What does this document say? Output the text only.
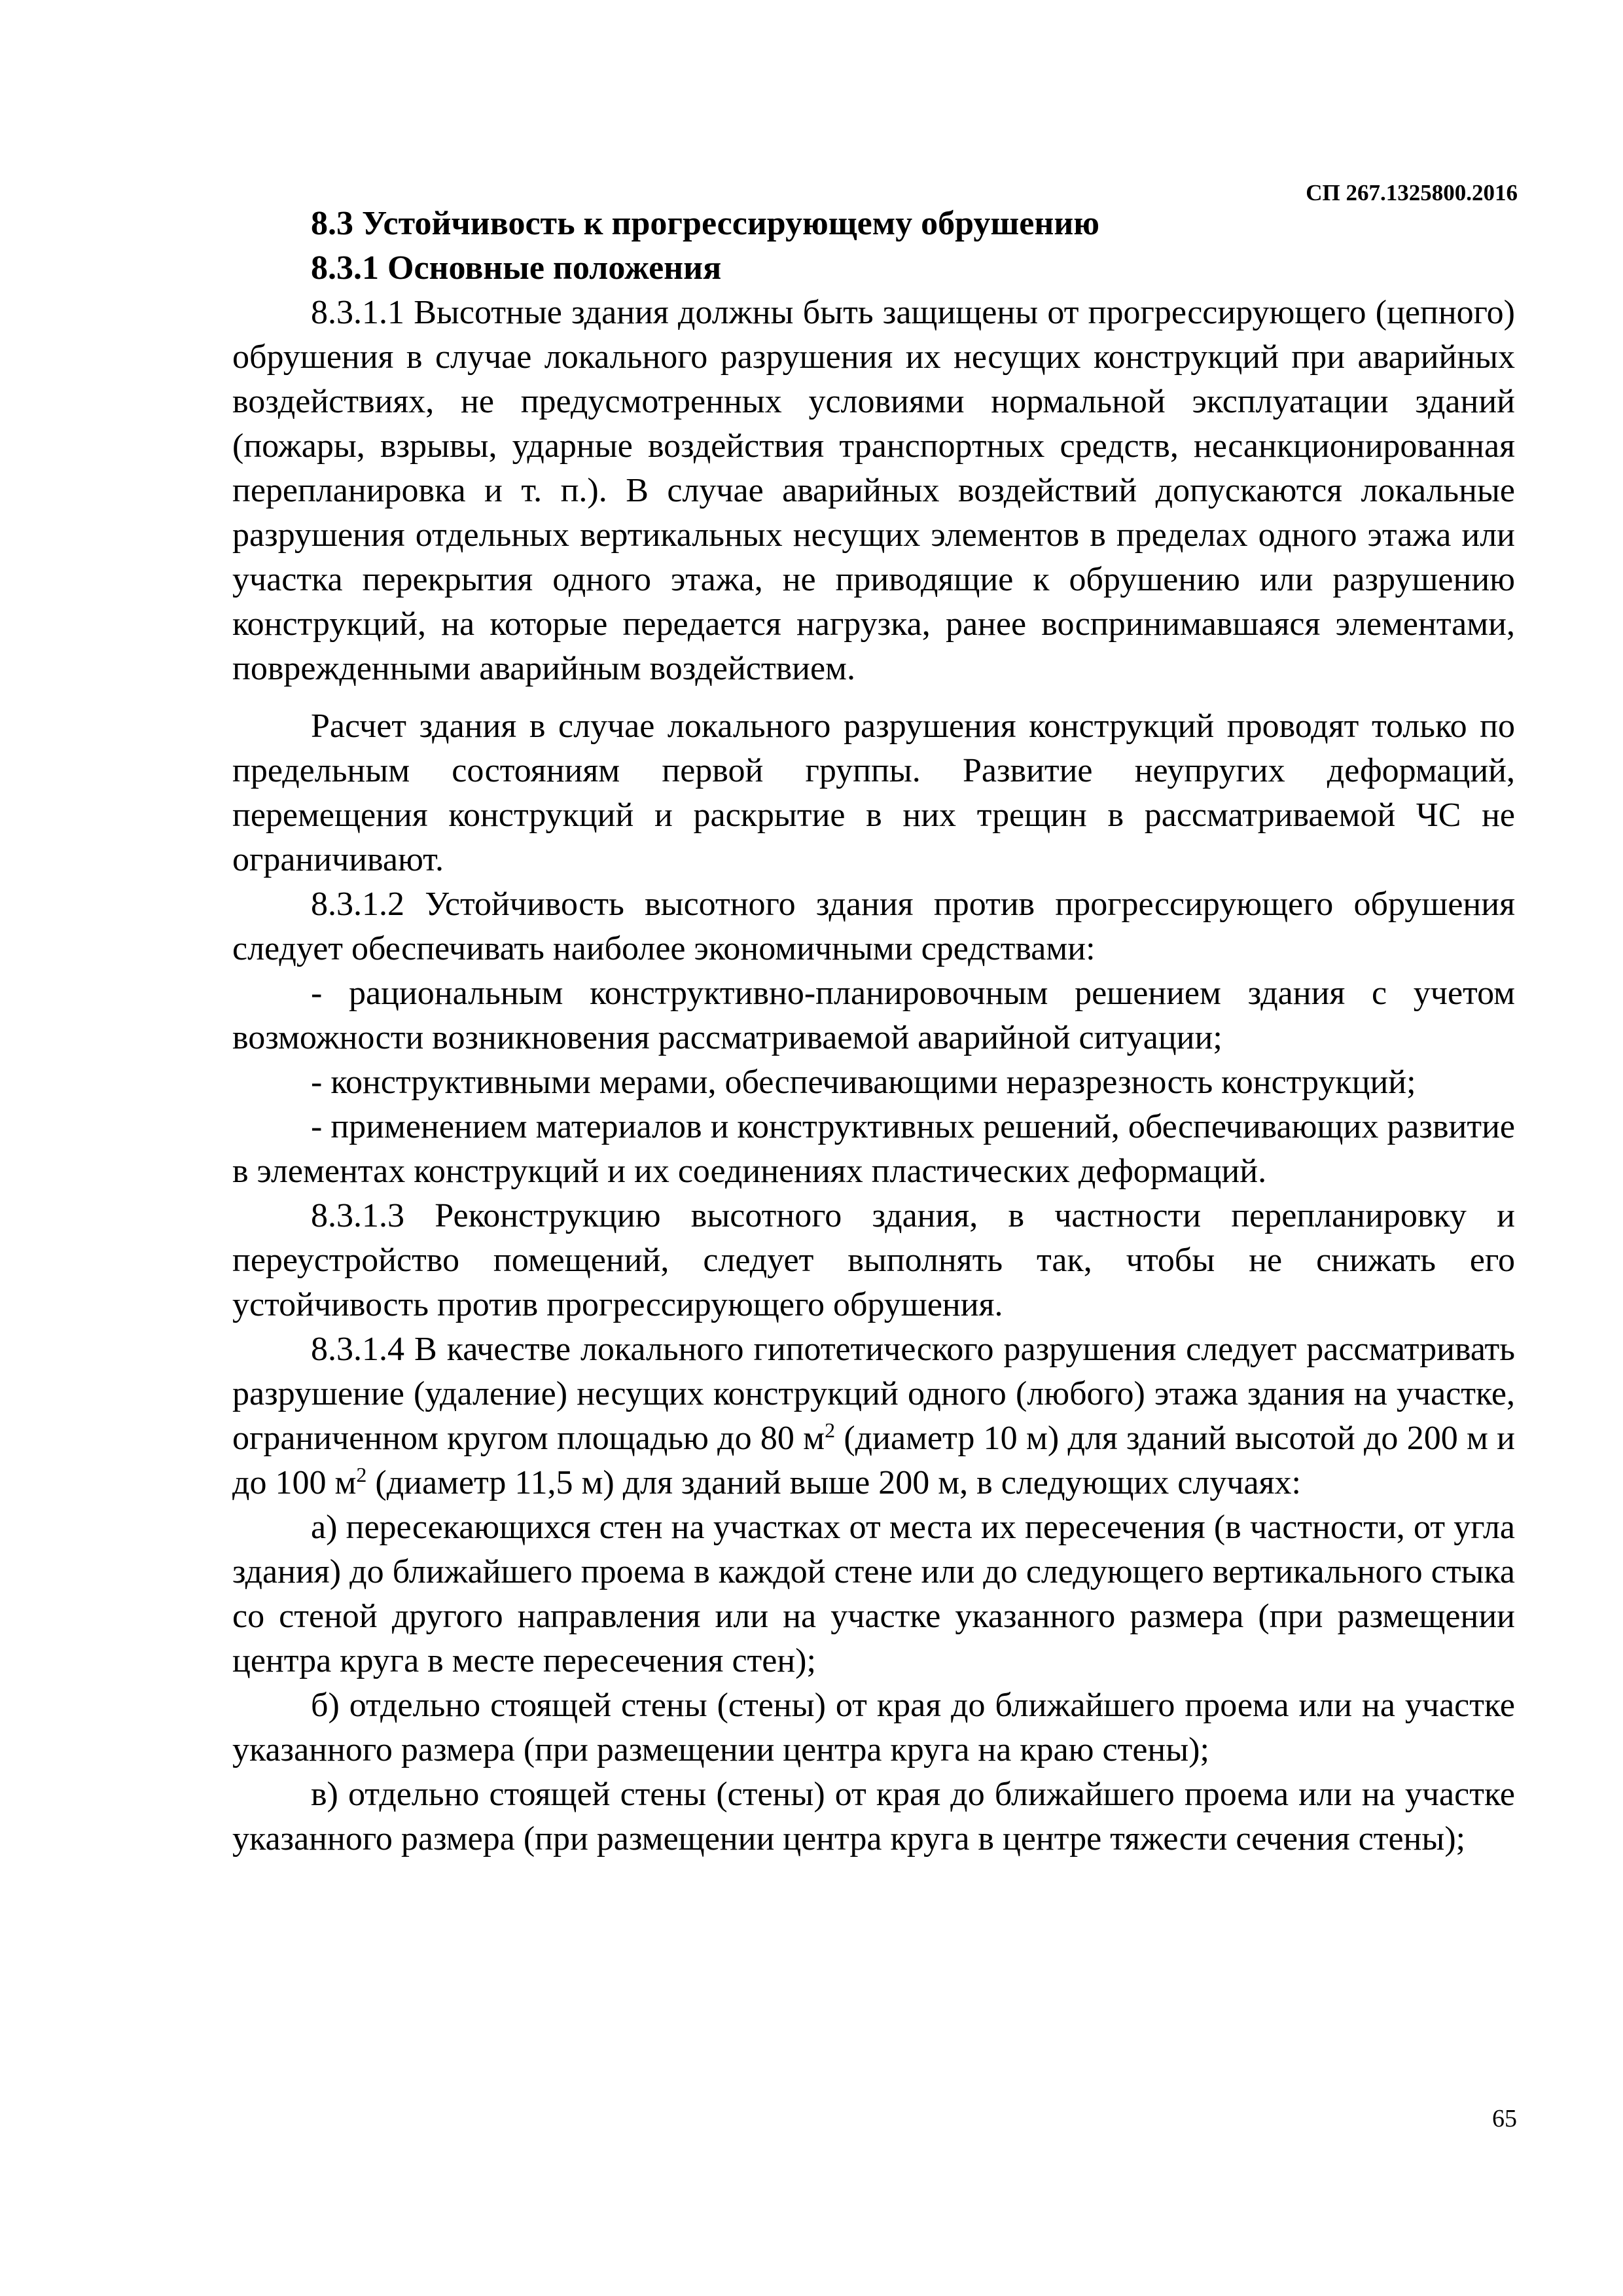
СП 267.1325800.2016

8.3 Устойчивость к прогрессирующему обрушению

8.3.1 Основные положения

8.3.1.1 Высотные здания должны быть защищены от прогрессирующего (цепного) обрушения в случае локального разрушения их несущих конструкций при аварийных воздействиях, не предусмотренных условиями нормальной эксплуатации зданий (пожары, взрывы, ударные воздействия транспортных средств, несанкционированная перепланировка и т. п.). В случае аварийных воздействий допускаются локальные разрушения отдельных вертикальных несущих элементов в пределах одного этажа или участка перекрытия одного этажа, не приводящие к обрушению или разрушению конструкций, на которые передается нагрузка, ранее воспринимавшаяся элементами, поврежденными аварийным воздействием.

Расчет здания в случае локального разрушения конструкций проводят только по предельным состояниям первой группы. Развитие неупругих деформаций, перемещения конструкций и раскрытие в них трещин в рассматриваемой ЧС не ограничивают.

8.3.1.2 Устойчивость высотного здания против прогрессирующего обрушения следует обеспечивать наиболее экономичными средствами:

- рациональным конструктивно-планировочным решением здания с учетом возможности возникновения рассматриваемой аварийной ситуации;

- конструктивными мерами, обеспечивающими неразрезность конструкций;

- применением материалов и конструктивных решений, обеспечивающих развитие в элементах конструкций и их соединениях пластических деформаций.

8.3.1.3 Реконструкцию высотного здания, в частности перепланировку и переустройство помещений, следует выполнять так, чтобы не снижать его устойчивость против прогрессирующего обрушения.

8.3.1.4 В качестве локального гипотетического разрушения следует рассматривать разрушение (удаление) несущих конструкций одного (любого) этажа здания на участке, ограниченном кругом площадью до 80 $м^2$ (диаметр 10 м) для зданий высотой до 200 м и до 100 $м^2$ (диаметр 11,5 м) для зданий выше 200 м, в следующих случаях:

а) пересекающихся стен на участках от места их пересечения (в частности, от угла здания) до ближайшего проема в каждой стене или до следующего вертикального стыка со стеной другого направления или на участке указанного размера (при размещении центра круга в месте пересечения стен);

б) отдельно стоящей стены (стены) от края до ближайшего проема или на участке указанного размера (при размещении центра круга на краю стены);

в) отдельно стоящей стены (стены) от края до ближайшего проема или на участке указанного размера (при размещении центра круга в центре тяжести сечения стены);

65
